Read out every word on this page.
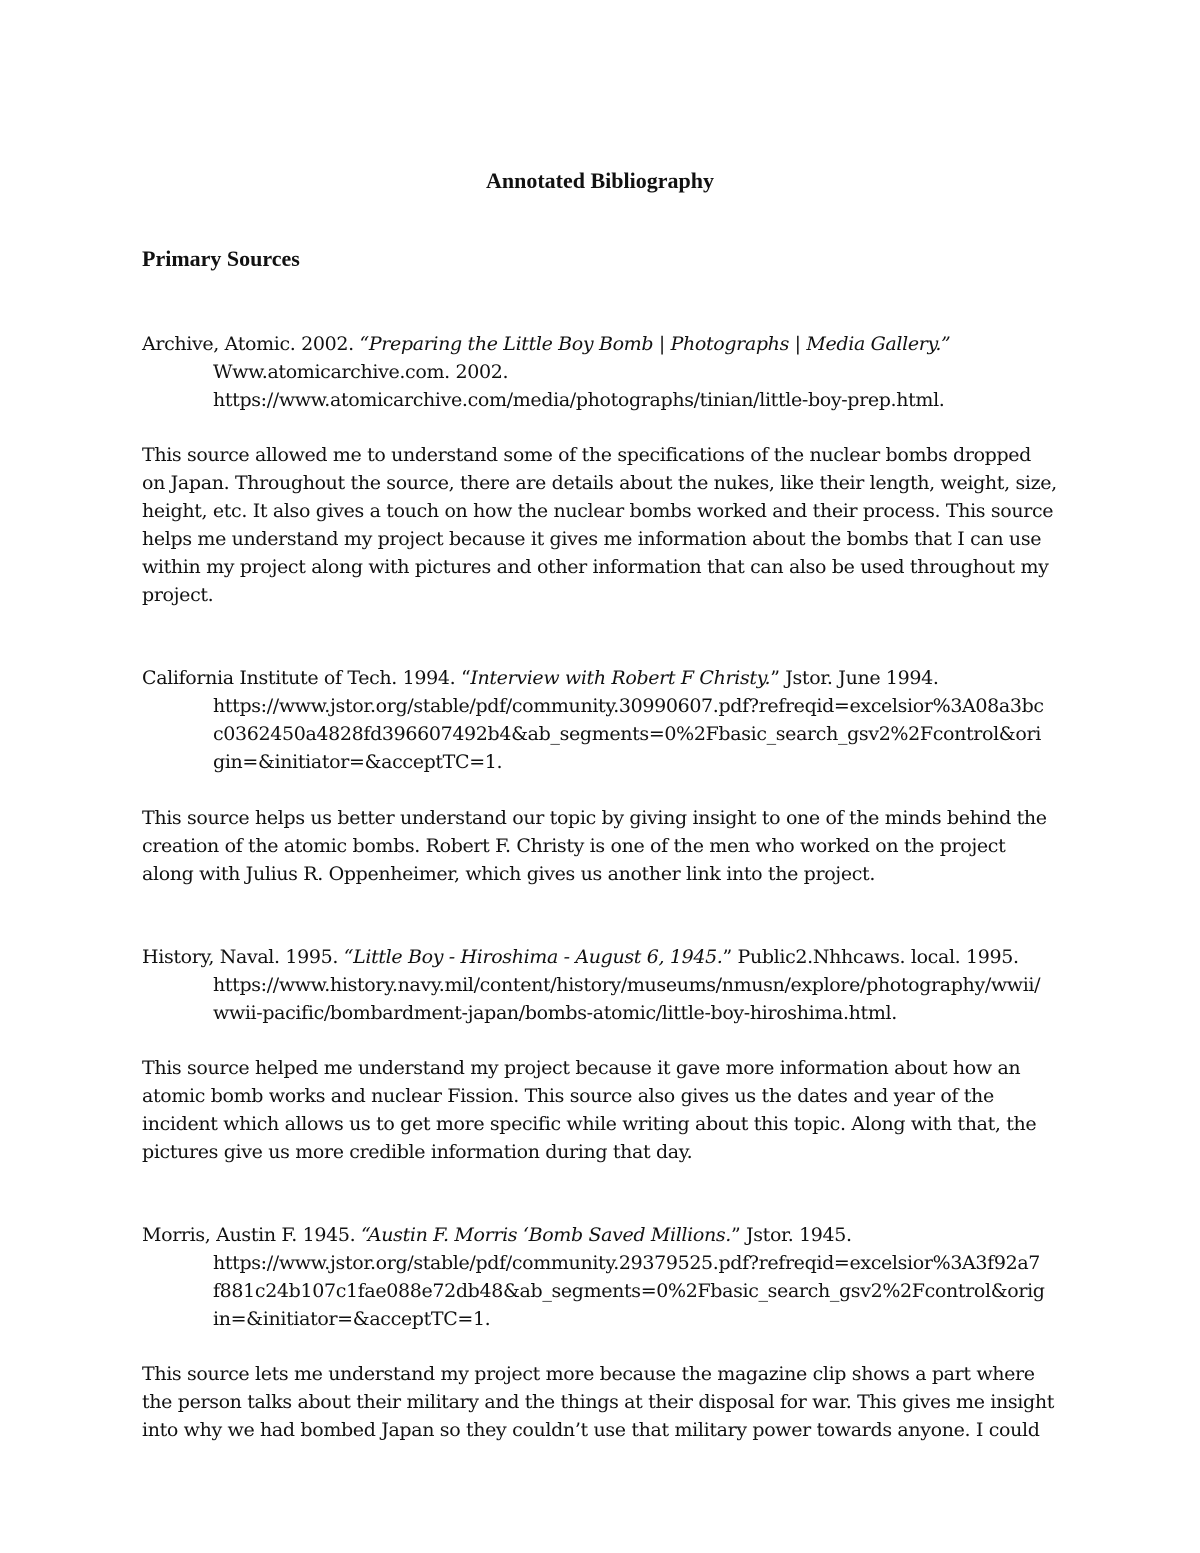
Annotated Bibliography
Primary Sources

Archive, Atomic. 2002. “Preparing the Little Boy Bomb | Photographs | Media Gallery.”
Www.atomicarchive.com. 2002.
https://www.atomicarchive.com/media/photographs/tinian/little-boy-prep.html.

This source allowed me to understand some of the specifications of the nuclear bombs dropped
on Japan. Throughout the source, there are details about the nukes, like their length, weight, size,
height, etc. It also gives a touch on how the nuclear bombs worked and their process. This source
helps me understand my project because it gives me information about the bombs that I can use
within my project along with pictures and other information that can also be used throughout my
project.

California Institute of Tech. 1994. “Interview with Robert F Christy.” Jstor. June 1994.
https://www.jstor.org/stable/pdf/community.30990607.pdf?refreqid=excelsior%3A08a3bc
c0362450a4828fd396607492b4&ab_segments=0%2Fbasic_search_gsv2%2Fcontrol&ori
gin=&initiator=&acceptTC=1.

This source helps us better understand our topic by giving insight to one of the minds behind the
creation of the atomic bombs. Robert F. Christy is one of the men who worked on the project
along with Julius R. Oppenheimer, which gives us another link into the project.

History, Naval. 1995. “Little Boy - Hiroshima - August 6, 1945.” Public2.Nhhcaws. local. 1995.
https://www.history.navy.mil/content/history/museums/nmusn/explore/photography/wwii/
wwii-pacific/bombardment-japan/bombs-atomic/little-boy-hiroshima.html.

This source helped me understand my project because it gave more information about how an
atomic bomb works and nuclear Fission. This source also gives us the dates and year of the
incident which allows us to get more specific while writing about this topic. Along with that, the
pictures give us more credible information during that day.

Morris, Austin F. 1945. “Austin F. Morris ‘Bomb Saved Millions.” Jstor. 1945.
https://www.jstor.org/stable/pdf/community.29379525.pdf?refreqid=excelsior%3A3f92a7
f881c24b107c1fae088e72db48&ab_segments=0%2Fbasic_search_gsv2%2Fcontrol&orig
in=&initiator=&acceptTC=1.

This source lets me understand my project more because the magazine clip shows a part where
the person talks about their military and the things at their disposal for war. This gives me insight
into why we had bombed Japan so they couldn’t use that military power towards anyone. I could
